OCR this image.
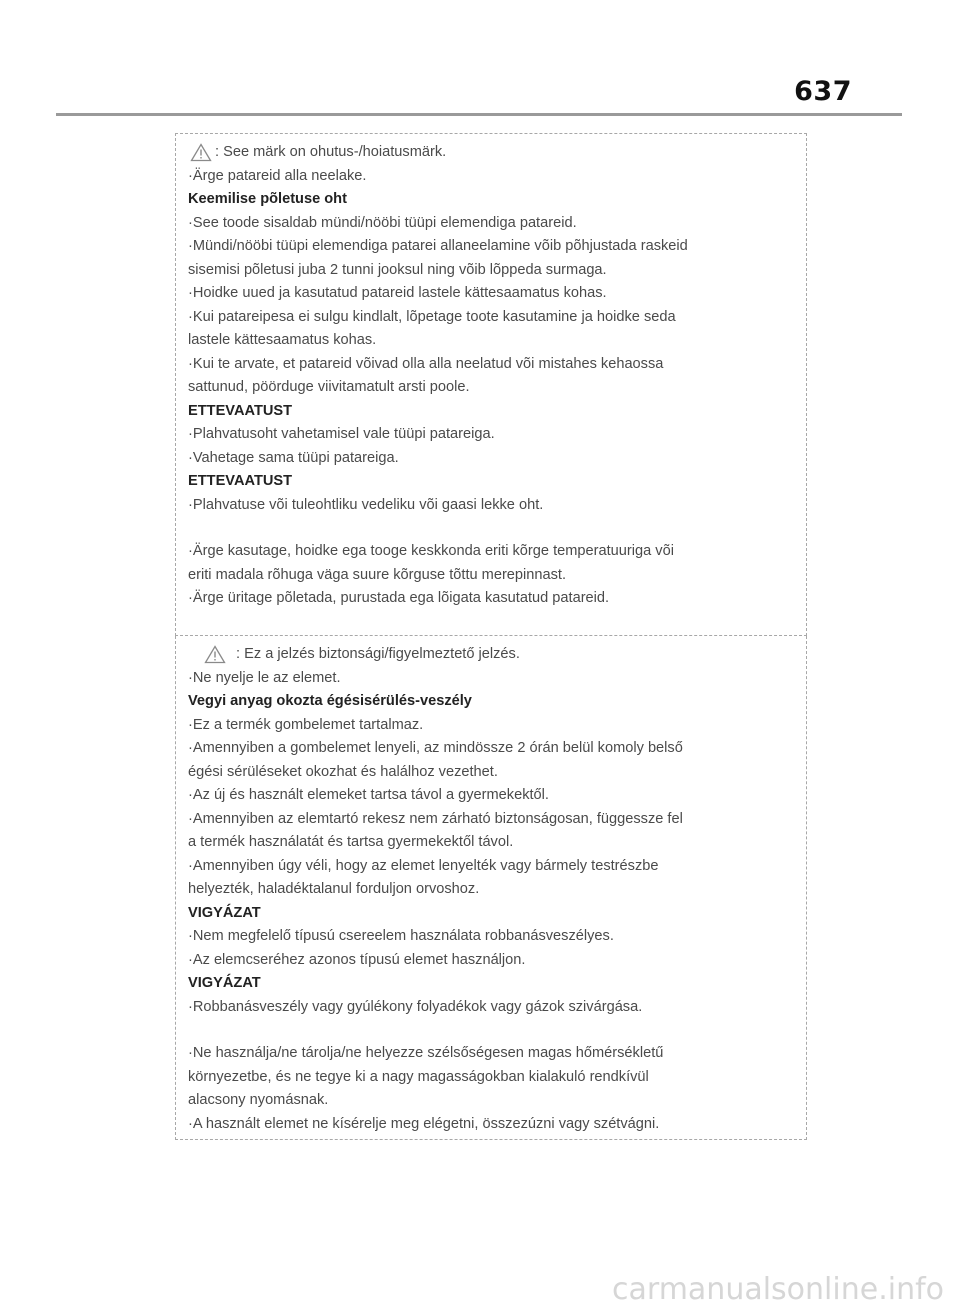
637
: See märk on ohutus-/hoiatusmärk.
·Ärge patareid alla neelake.
Keemilise põletuse oht
·See toode sisaldab mündi/nööbi tüüpi elemendiga patareid.
·Mündi/nööbi tüüpi elemendiga patarei allaneelamine võib põhjustada raskeid
sisemisi põletusi juba 2 tunni jooksul ning võib lõppeda surmaga.
·Hoidke uued ja kasutatud patareid lastele kättesaamatus kohas.
·Kui patareipesa ei sulgu kindlalt, lõpetage toote kasutamine ja hoidke seda
lastele kättesaamatus kohas.
·Kui te arvate, et patareid võivad olla alla neelatud või mistahes kehaossa
sattunud, pöörduge viivitamatult arsti poole.
ETTEVAATUST
·Plahvatusoht vahetamisel vale tüüpi patareiga.
·Vahetage sama tüüpi patareiga.
ETTEVAATUST
·Plahvatuse või tuleohtliku vedeliku või gaasi lekke oht.
·Ärge kasutage, hoidke ega tooge keskkonda eriti kõrge temperatuuriga või
eriti madala rõhuga väga suure kõrguse tõttu merepinnast.
·Ärge üritage põletada, purustada ega lõigata kasutatud patareid.
: Ez a jelzés biztonsági/figyelmeztető jelzés.
·Ne nyelje le az elemet.
Vegyi anyag okozta égésisérülés-veszély
·Ez a termék gombelemet tartalmaz.
·Amennyiben a gombelemet lenyeli, az mindössze 2 órán belül komoly belső
égési sérüléseket okozhat és halálhoz vezethet.
·Az új és használt elemeket tartsa távol a gyermekektől.
·Amennyiben az elemtartó rekesz nem zárható biztonságosan, függessze fel
a termék használatát és tartsa gyermekektől távol.
·Amennyiben úgy véli, hogy az elemet lenyelték vagy bármely testrészbe
helyezték, haladéktalanul forduljon orvoshoz.
VIGYÁZAT
·Nem megfelelő típusú csereelem használata robbanásveszélyes.
·Az elemcseréhez azonos típusú elemet használjon.
VIGYÁZAT
·Robbanásveszély vagy gyúlékony folyadékok vagy gázok szivárgása.
·Ne használja/ne tárolja/ne helyezze szélsőségesen magas hőmérsékletű
környezetbe, és ne tegye ki a nagy magasságokban kialakuló rendkívül
alacsony nyomásnak.
·A használt elemet ne kísérelje meg elégetni, összezúzni vagy szétvágni.
carmanualsonline.info
